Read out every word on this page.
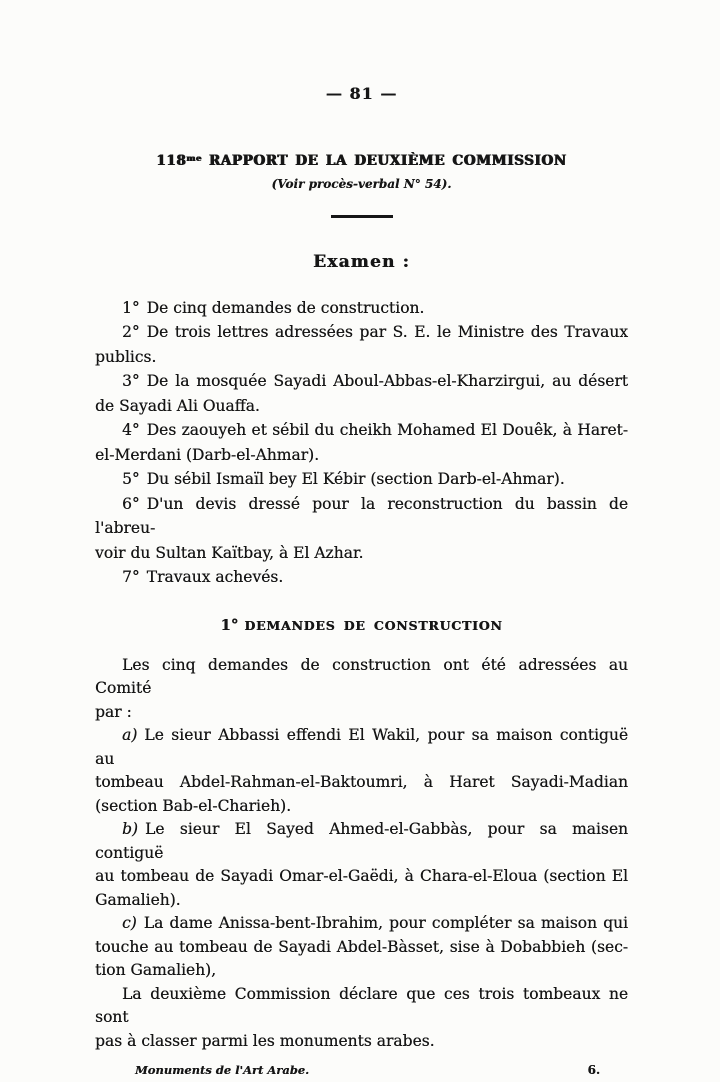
— 81 —
$118^{me}$ RAPPORT DE LA DEUXIÈME COMMISSION
(Voir procès-verbal N° 54).
Examen :
1° De cinq demandes de construction.
2° De trois lettres adressées par S. E. le Ministre des Travaux
publics.
3° De la mosquée Sayadi Aboul-Abbas-el-Kharzirgui, au désert
de Sayadi Ali Ouaffa.
4° Des zaouyeh et sébil du cheikh Mohamed El Douêk, à Haret-
el-Merdani (Darb-el-Ahmar).
5° Du sébil Ismaïl bey El Kébir (section Darb-el-Ahmar).
6° D'un devis dressé pour la reconstruction du bassin de l'abreu-
voir du Sultan Kaïtbay, à El Azhar.
7° Travaux achevés.
1° DEMANDES DE CONSTRUCTION
Les cinq demandes de construction ont été adressées au Comité
par :
a) Le sieur Abbassi effendi El Wakil, pour sa maison contiguë au
tombeau Abdel-Rahman-el-Baktoumri, à Haret Sayadi-Madian
(section Bab-el-Charieh).
b) Le sieur El Sayed Ahmed-el-Gabbàs, pour sa maisen contiguë
au tombeau de Sayadi Omar-el-Gaëdi, à Chara-el-Eloua (section El
Gamalieh).
c) La dame Anissa-bent-Ibrahim, pour compléter sa maison qui
touche au tombeau de Sayadi Abdel-Bàsset, sise à Dobabbieh (sec-
tion Gamalieh),
La deuxième Commission déclare que ces trois tombeaux ne sont
pas à classer parmi les monuments arabes.
Monuments de l'Art Arabe.	6.
